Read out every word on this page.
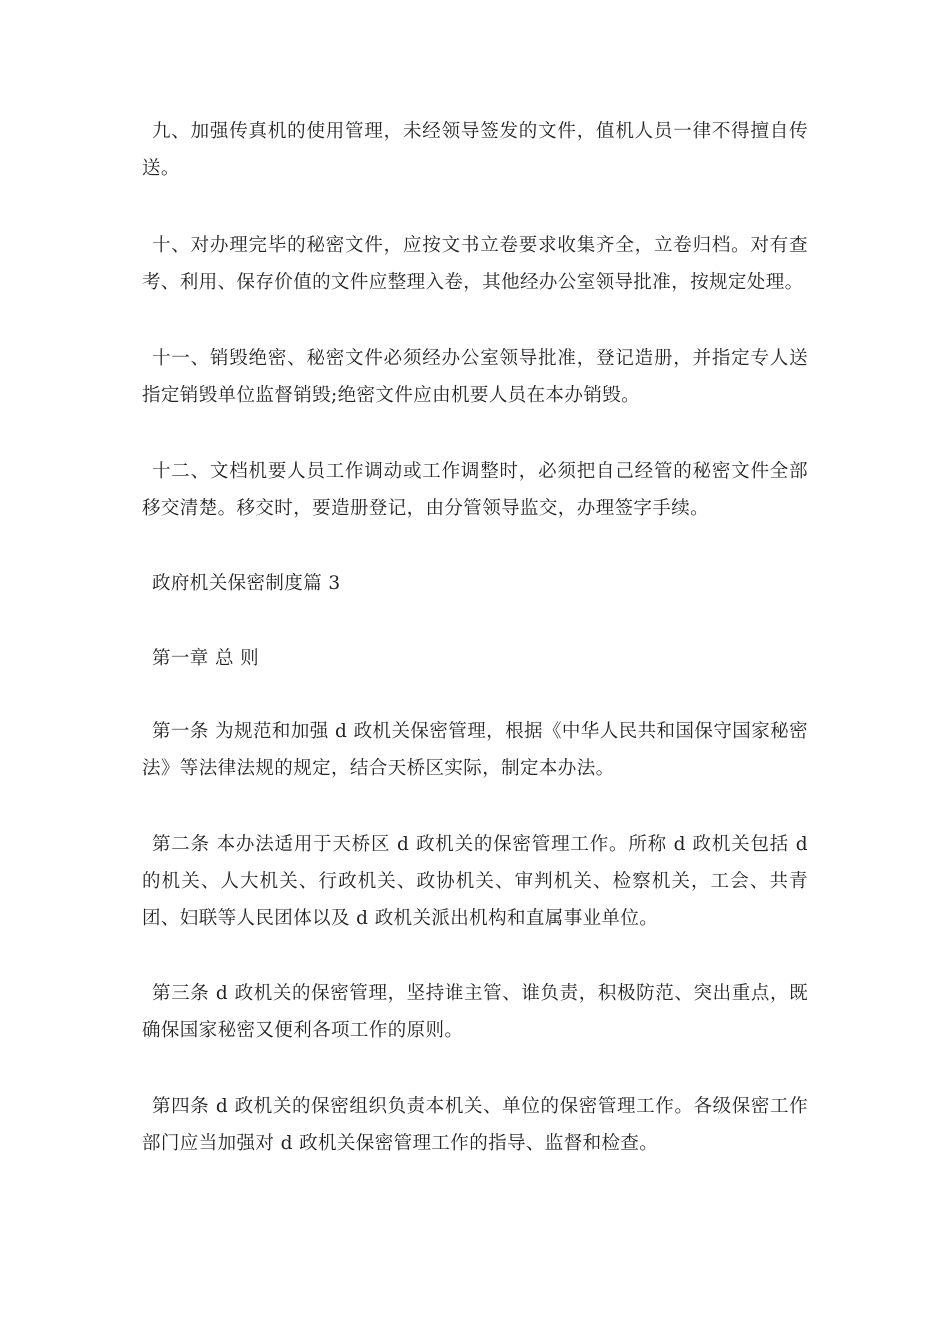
九、加强传真机的使用管理，未经领导签发的文件，值机人员一律不得擅自传送。

十、对办理完毕的秘密文件，应按文书立卷要求收集齐全，立卷归档。对有查考、利用、保存价值的文件应整理入卷，其他经办公室领导批准，按规定处理。

十一、销毁绝密、秘密文件必须经办公室领导批准，登记造册，并指定专人送指定销毁单位监督销毁;绝密文件应由机要人员在本办销毁。

十二、文档机要人员工作调动或工作调整时，必须把自己经管的秘密文件全部移交清楚。移交时，要造册登记，由分管领导监交，办理签字手续。

政府机关保密制度篇 3

第一章 总 则

第一条 为规范和加强 d 政机关保密管理，根据《中华人民共和国保守国家秘密法》等法律法规的规定，结合天桥区实际，制定本办法。

第二条 本办法适用于天桥区 d 政机关的保密管理工作。所称 d 政机关包括 d 的机关、人大机关、行政机关、政协机关、审判机关、检察机关，工会、共青团、妇联等人民团体以及 d 政机关派出机构和直属事业单位。

第三条 d 政机关的保密管理，坚持谁主管、谁负责，积极防范、突出重点，既确保国家秘密又便利各项工作的原则。

第四条 d 政机关的保密组织负责本机关、单位的保密管理工作。各级保密工作部门应当加强对 d 政机关保密管理工作的指导、监督和检查。
